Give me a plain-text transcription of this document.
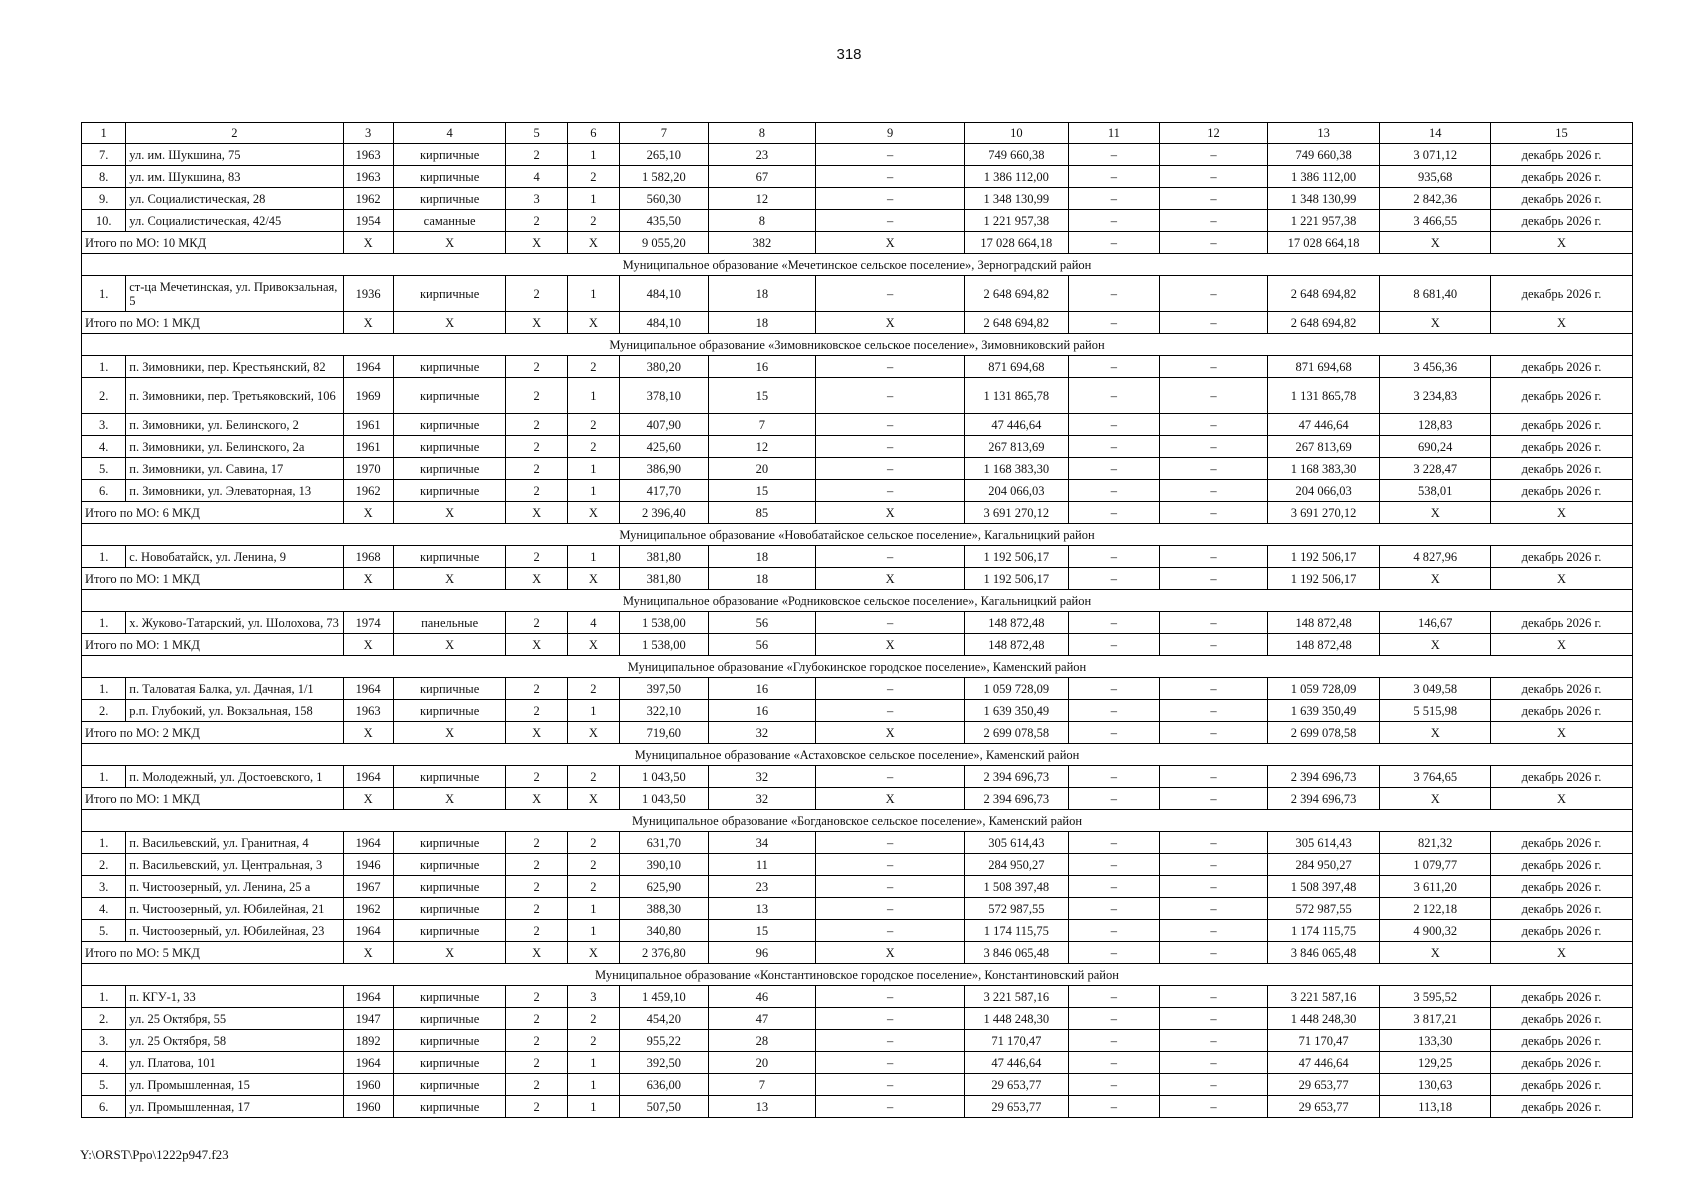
318
1	2	3	4	5	6	7	8	9	10	11	12	13	14	15
7.	ул. им. Шукшина, 75	1963	кирпичные	2	1	265,10	23	–	749 660,38	–	–	749 660,38	3 071,12	декабрь 2026 г.
8.	ул. им. Шукшина, 83	1963	кирпичные	4	2	1 582,20	67	–	1 386 112,00	–	–	1 386 112,00	935,68	декабрь 2026 г.
9.	ул. Социалистическая, 28	1962	кирпичные	3	1	560,30	12	–	1 348 130,99	–	–	1 348 130,99	2 842,36	декабрь 2026 г.
10.	ул. Социалистическая, 42/45	1954	саманные	2	2	435,50	8	–	1 221 957,38	–	–	1 221 957,38	3 466,55	декабрь 2026 г.
Итого по МО: 10 МКД		X	X	X	X	9 055,20	382	X	17 028 664,18	–	–	17 028 664,18	X	X
Муниципальное образование «Мечетинское сельское поселение», Зерноградский район														
1.	ст-ца Мечетинская, ул. Привокзальная, 5	1936	кирпичные	2	1	484,10	18	–	2 648 694,82	–	–	2 648 694,82	8 681,40	декабрь 2026 г.
Итого по МО: 1 МКД		X	X	X	X	484,10	18	X	2 648 694,82	–	–	2 648 694,82	X	X
Муниципальное образование «Зимовниковское сельское поселение», Зимовниковский район														
1.	п. Зимовники, пер. Крестьянский, 82	1964	кирпичные	2	2	380,20	16	–	871 694,68	–	–	871 694,68	3 456,36	декабрь 2026 г.
2.	п. Зимовники, пер. Третьяковский, 106	1969	кирпичные	2	1	378,10	15	–	1 131 865,78	–	–	1 131 865,78	3 234,83	декабрь 2026 г.
3.	п. Зимовники, ул. Белинского, 2	1961	кирпичные	2	2	407,90	7	–	47 446,64	–	–	47 446,64	128,83	декабрь 2026 г.
4.	п. Зимовники, ул. Белинского, 2а	1961	кирпичные	2	2	425,60	12	–	267 813,69	–	–	267 813,69	690,24	декабрь 2026 г.
5.	п. Зимовники, ул. Савина, 17	1970	кирпичные	2	1	386,90	20	–	1 168 383,30	–	–	1 168 383,30	3 228,47	декабрь 2026 г.
6.	п. Зимовники, ул. Элеваторная, 13	1962	кирпичные	2	1	417,70	15	–	204 066,03	–	–	204 066,03	538,01	декабрь 2026 г.
Итого по МО: 6 МКД		X	X	X	X	2 396,40	85	X	3 691 270,12	–	–	3 691 270,12	X	X
Муниципальное образование «Новобатайское сельское поселение», Кагальницкий район														
1.	с. Новобатайск, ул. Ленина, 9	1968	кирпичные	2	1	381,80	18	–	1 192 506,17	–	–	1 192 506,17	4 827,96	декабрь 2026 г.
Итого по МО: 1 МКД		X	X	X	X	381,80	18	X	1 192 506,17	–	–	1 192 506,17	X	X
Муниципальное образование «Родниковское сельское поселение», Кагальницкий район														
1.	х. Жуково-Татарский, ул. Шолохова, 73	1974	панельные	2	4	1 538,00	56	–	148 872,48	–	–	148 872,48	146,67	декабрь 2026 г.
Итого по МО: 1 МКД		X	X	X	X	1 538,00	56	X	148 872,48	–	–	148 872,48	X	X
Муниципальное образование «Глубокинское городское поселение», Каменский район														
1.	п. Таловатая Балка, ул. Дачная, 1/1	1964	кирпичные	2	2	397,50	16	–	1 059 728,09	–	–	1 059 728,09	3 049,58	декабрь 2026 г.
2.	р.п. Глубокий, ул. Вокзальная, 158	1963	кирпичные	2	1	322,10	16	–	1 639 350,49	–	–	1 639 350,49	5 515,98	декабрь 2026 г.
Итого по МО: 2 МКД		X	X	X	X	719,60	32	X	2 699 078,58	–	–	2 699 078,58	X	X
Муниципальное образование «Астаховское сельское поселение», Каменский район														
1.	п. Молодежный, ул. Достоевского, 1	1964	кирпичные	2	2	1 043,50	32	–	2 394 696,73	–	–	2 394 696,73	3 764,65	декабрь 2026 г.
Итого по МО: 1 МКД		X	X	X	X	1 043,50	32	X	2 394 696,73	–	–	2 394 696,73	X	X
Муниципальное образование «Богдановское сельское поселение», Каменский район														
1.	п. Васильевский, ул. Гранитная, 4	1964	кирпичные	2	2	631,70	34	–	305 614,43	–	–	305 614,43	821,32	декабрь 2026 г.
2.	п. Васильевский, ул. Центральная, 3	1946	кирпичные	2	2	390,10	11	–	284 950,27	–	–	284 950,27	1 079,77	декабрь 2026 г.
3.	п. Чистоозерный, ул. Ленина, 25 а	1967	кирпичные	2	2	625,90	23	–	1 508 397,48	–	–	1 508 397,48	3 611,20	декабрь 2026 г.
4.	п. Чистоозерный, ул. Юбилейная, 21	1962	кирпичные	2	1	388,30	13	–	572 987,55	–	–	572 987,55	2 122,18	декабрь 2026 г.
5.	п. Чистоозерный, ул. Юбилейная, 23	1964	кирпичные	2	1	340,80	15	–	1 174 115,75	–	–	1 174 115,75	4 900,32	декабрь 2026 г.
Итого по МО: 5 МКД		X	X	X	X	2 376,80	96	X	3 846 065,48	–	–	3 846 065,48	X	X
Муниципальное образование «Константиновское городское поселение», Константиновский район														
1.	п. КГУ-1, 33	1964	кирпичные	2	3	1 459,10	46	–	3 221 587,16	–	–	3 221 587,16	3 595,52	декабрь 2026 г.
2.	ул. 25 Октября, 55	1947	кирпичные	2	2	454,20	47	–	1 448 248,30	–	–	1 448 248,30	3 817,21	декабрь 2026 г.
3.	ул. 25 Октября, 58	1892	кирпичные	2	2	955,22	28	–	71 170,47	–	–	71 170,47	133,30	декабрь 2026 г.
4.	ул. Платова, 101	1964	кирпичные	2	1	392,50	20	–	47 446,64	–	–	47 446,64	129,25	декабрь 2026 г.
5.	ул. Промышленная, 15	1960	кирпичные	2	1	636,00	7	–	29 653,77	–	–	29 653,77	130,63	декабрь 2026 г.
6.	ул. Промышленная, 17	1960	кирпичные	2	1	507,50	13	–	29 653,77	–	–	29 653,77	113,18	декабрь 2026 г.
Y:\ORST\Ppo\1222p947.f23
